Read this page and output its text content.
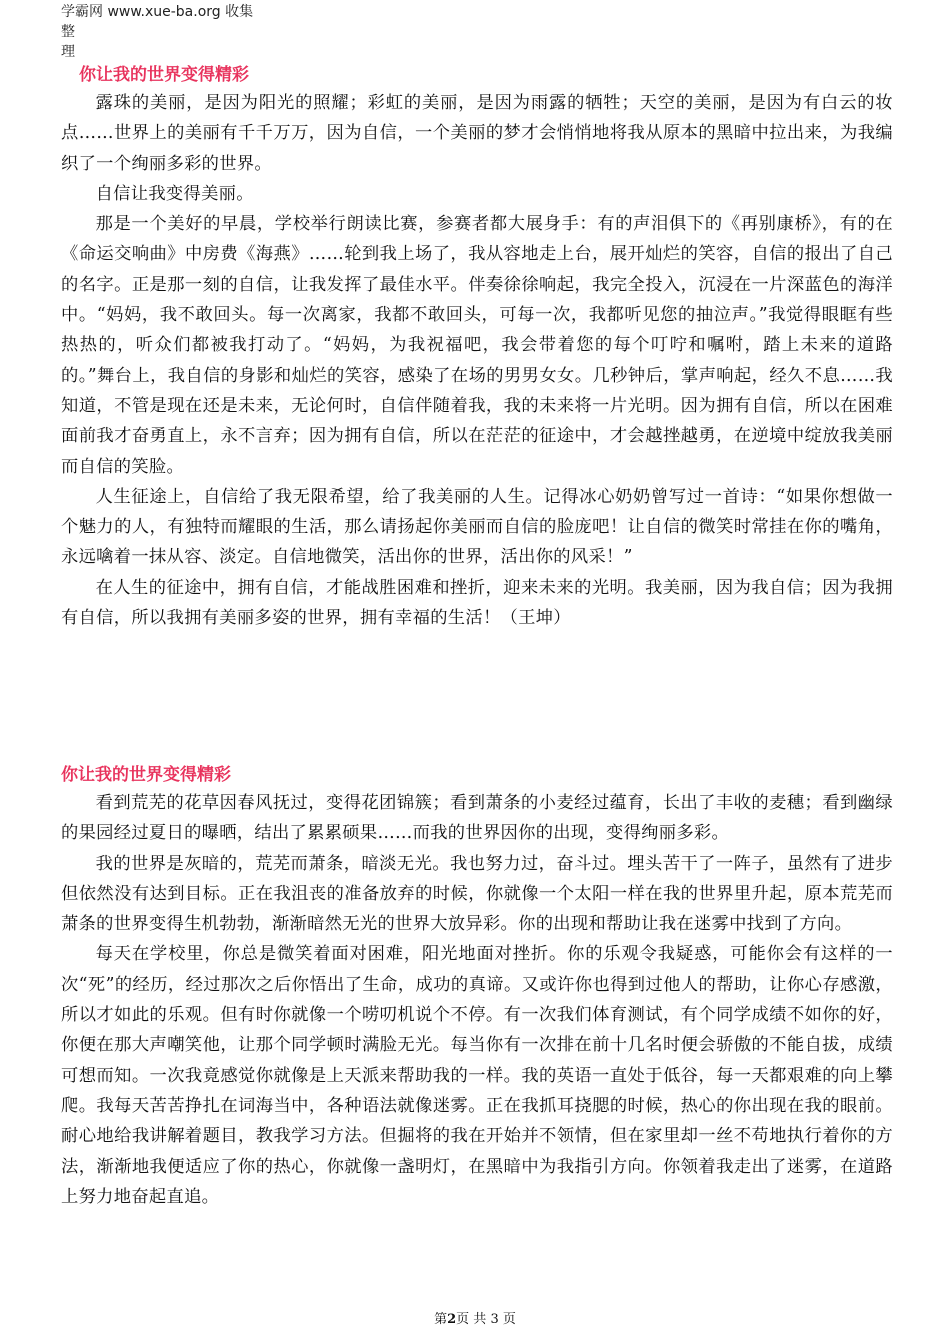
学霸网 www.xue-ba.org 收集整
理
你让我的世界变得精彩

露珠的美丽，是因为阳光的照耀；彩虹的美丽，是因为雨露的牺牲；天空的美丽，是因为有白云的妆点……世界上的美丽有千千万万，因为自信，一个美丽的梦才会悄悄地将我从原本的黑暗中拉出来，为我编织了一个绚丽多彩的世界。

自信让我变得美丽。

那是一个美好的早晨，学校举行朗读比赛，参赛者都大展身手：有的声泪俱下的《再别康桥》，有的在《命运交响曲》中房费《海燕》……轮到我上场了，我从容地走上台，展开灿烂的笑容，自信的报出了自己的名字。正是那一刻的自信，让我发挥了最佳水平。伴奏徐徐响起，我完全投入，沉浸在一片深蓝色的海洋中。“妈妈，我不敢回头。每一次离家，我都不敢回头，可每一次，我都听见您的抽泣声。”我觉得眼眶有些热热的，听众们都被我打动了。“妈妈，为我祝福吧，我会带着您的每个叮咛和嘱咐，踏上未来的道路的。”舞台上，我自信的身影和灿烂的笑容，感染了在场的男男女女。几秒钟后，掌声响起，经久不息……我知道，不管是现在还是未来，无论何时，自信伴随着我，我的未来将一片光明。因为拥有自信，所以在困难面前我才奋勇直上，永不言弃；因为拥有自信，所以在茫茫的征途中，才会越挫越勇，在逆境中绽放我美丽而自信的笑脸。

人生征途上，自信给了我无限希望，给了我美丽的人生。记得冰心奶奶曾写过一首诗：“如果你想做一个魅力的人，有独特而耀眼的生活，那么请扬起你美丽而自信的脸庞吧！让自信的微笑时常挂在你的嘴角，永远噙着一抹从容、淡定。自信地微笑，活出你的世界，活出你的风采！”

在人生的征途中，拥有自信，才能战胜困难和挫折，迎来未来的光明。我美丽，因为我自信；因为我拥有自信，所以我拥有美丽多姿的世界，拥有幸福的生活！（王坤）

你让我的世界变得精彩

看到荒芜的花草因春风抚过，变得花团锦簇；看到萧条的小麦经过蕴育，长出了丰收的麦穗；看到幽绿的果园经过夏日的曝晒，结出了累累硕果……而我的世界因你的出现，变得绚丽多彩。

我的世界是灰暗的，荒芜而萧条，暗淡无光。我也努力过，奋斗过。埋头苦干了一阵子，虽然有了进步但依然没有达到目标。正在我沮丧的准备放弃的时候，你就像一个太阳一样在我的世界里升起，原本荒芜而萧条的世界变得生机勃勃，渐渐暗然无光的世界大放异彩。你的出现和帮助让我在迷雾中找到了方向。

每天在学校里，你总是微笑着面对困难，阳光地面对挫折。你的乐观令我疑惑，可能你会有这样的一次“死”的经历，经过那次之后你悟出了生命，成功的真谛。又或许你也得到过他人的帮助，让你心存感激，所以才如此的乐观。但有时你就像一个唠叨机说个不停。有一次我们体育测试，有个同学成绩不如你的好，你便在那大声嘲笑他，让那个同学顿时满脸无光。每当你有一次排在前十几名时便会骄傲的不能自拔，成绩可想而知。一次我竟感觉你就像是上天派来帮助我的一样。我的英语一直处于低谷，每一天都艰难的向上攀爬。我每天苦苦挣扎在词海当中，各种语法就像迷雾。正在我抓耳挠腮的时候，热心的你出现在我的眼前。耐心地给我讲解着题目，教我学习方法。但掘将的我在开始并不领情，但在家里却一丝不苟地执行着你的方法，渐渐地我便适应了你的热心，你就像一盏明灯，在黑暗中为我指引方向。你领着我走出了迷雾，在道路上努力地奋起直追。

第2页 共 3 页
